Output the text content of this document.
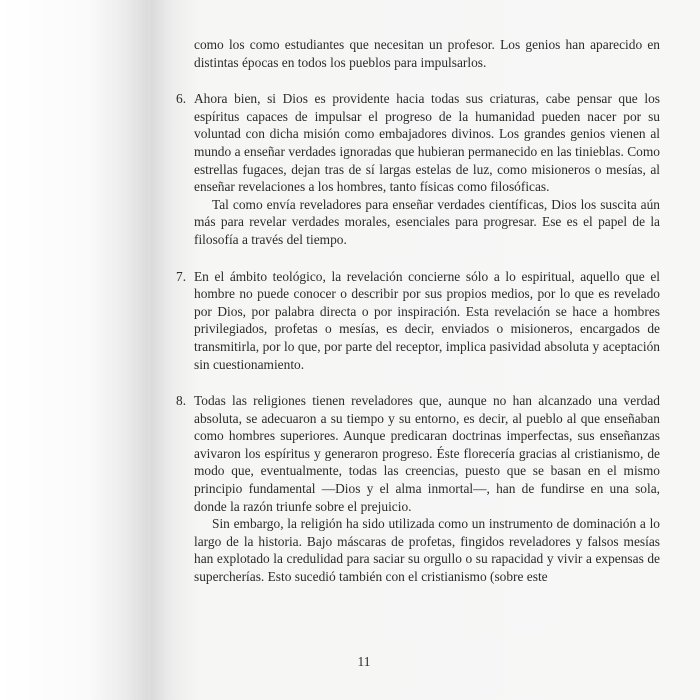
como los como estudiantes que necesitan un profesor. Los genios han aparecido en distintas épocas en todos los pueblos para impulsarlos.

6. Ahora bien, si Dios es providente hacia todas sus criaturas, cabe pensar que los espíritus capaces de impulsar el progreso de la humanidad pueden nacer por su voluntad con dicha misión como embajadores divinos. Los grandes genios vienen al mundo a enseñar verdades ignoradas que hubieran permanecido en las tinieblas. Como estrellas fugaces, dejan tras de sí largas estelas de luz, como misioneros o mesías, al enseñar revelaciones a los hombres, tanto físicas como filosóficas.

Tal como envía reveladores para enseñar verdades científicas, Dios los suscita aún más para revelar verdades morales, esenciales para progresar. Ese es el papel de la filosofía a través del tiempo.

7. En el ámbito teológico, la revelación concierne sólo a lo espiritual, aquello que el hombre no puede conocer o describir por sus propios medios, por lo que es revelado por Dios, por palabra directa o por inspiración. Esta revelación se hace a hombres privilegiados, profetas o mesías, es decir, enviados o misioneros, encargados de transmitirla, por lo que, por parte del receptor, implica pasividad absoluta y aceptación sin cuestionamiento.

8. Todas las religiones tienen reveladores que, aunque no han alcanzado una verdad absoluta, se adecuaron a su tiempo y su entorno, es decir, al pueblo al que enseñaban como hombres superiores. Aunque predicaran doctrinas imperfectas, sus enseñanzas avivaron los espíritus y generaron progreso. Éste florecería gracias al cristianismo, de modo que, eventualmente, todas las creencias, puesto que se basan en el mismo principio fundamental —Dios y el alma inmortal—, han de fundirse en una sola, donde la razón triunfe sobre el prejuicio.

Sin embargo, la religión ha sido utilizada como un instrumento de dominación a lo largo de la historia. Bajo máscaras de profetas, fingidos reveladores y falsos mesías han explotado la credulidad para saciar su orgullo o su rapacidad y vivir a expensas de supercherías. Esto sucedió también con el cristianismo (sobre este

11
